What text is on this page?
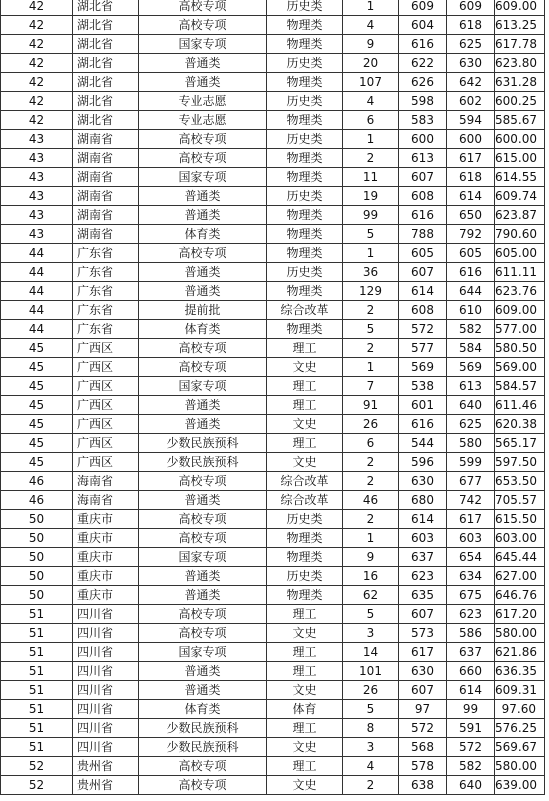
42	湖北省	高校专项	历史类	1	609	609	609.00
42	湖北省	高校专项	物理类	4	604	618	613.25
42	湖北省	国家专项	物理类	9	616	625	617.78
42	湖北省	普通类	历史类	20	622	630	623.80
42	湖北省	普通类	物理类	107	626	642	631.28
42	湖北省	专业志愿	历史类	4	598	602	600.25
42	湖北省	专业志愿	物理类	6	583	594	585.67
43	湖南省	高校专项	历史类	1	600	600	600.00
43	湖南省	高校专项	物理类	2	613	617	615.00
43	湖南省	国家专项	物理类	11	607	618	614.55
43	湖南省	普通类	历史类	19	608	614	609.74
43	湖南省	普通类	物理类	99	616	650	623.87
43	湖南省	体育类	物理类	5	788	792	790.60
44	广东省	高校专项	物理类	1	605	605	605.00
44	广东省	普通类	历史类	36	607	616	611.11
44	广东省	普通类	物理类	129	614	644	623.76
44	广东省	提前批	综合改革	2	608	610	609.00
44	广东省	体育类	物理类	5	572	582	577.00
45	广西区	高校专项	理工	2	577	584	580.50
45	广西区	高校专项	文史	1	569	569	569.00
45	广西区	国家专项	理工	7	538	613	584.57
45	广西区	普通类	理工	91	601	640	611.46
45	广西区	普通类	文史	26	616	625	620.38
45	广西区	少数民族预科	理工	6	544	580	565.17
45	广西区	少数民族预科	文史	2	596	599	597.50
46	海南省	高校专项	综合改革	2	630	677	653.50
46	海南省	普通类	综合改革	46	680	742	705.57
50	重庆市	高校专项	历史类	2	614	617	615.50
50	重庆市	高校专项	物理类	1	603	603	603.00
50	重庆市	国家专项	物理类	9	637	654	645.44
50	重庆市	普通类	历史类	16	623	634	627.00
50	重庆市	普通类	物理类	62	635	675	646.76
51	四川省	高校专项	理工	5	607	623	617.20
51	四川省	高校专项	文史	3	573	586	580.00
51	四川省	国家专项	理工	14	617	637	621.86
51	四川省	普通类	理工	101	630	660	636.35
51	四川省	普通类	文史	26	607	614	609.31
51	四川省	体育类	体育	5	97	99	97.60
51	四川省	少数民族预科	理工	8	572	591	576.25
51	四川省	少数民族预科	文史	3	568	572	569.67
52	贵州省	高校专项	理工	4	578	582	580.00
52	贵州省	高校专项	文史	2	638	640	639.00
